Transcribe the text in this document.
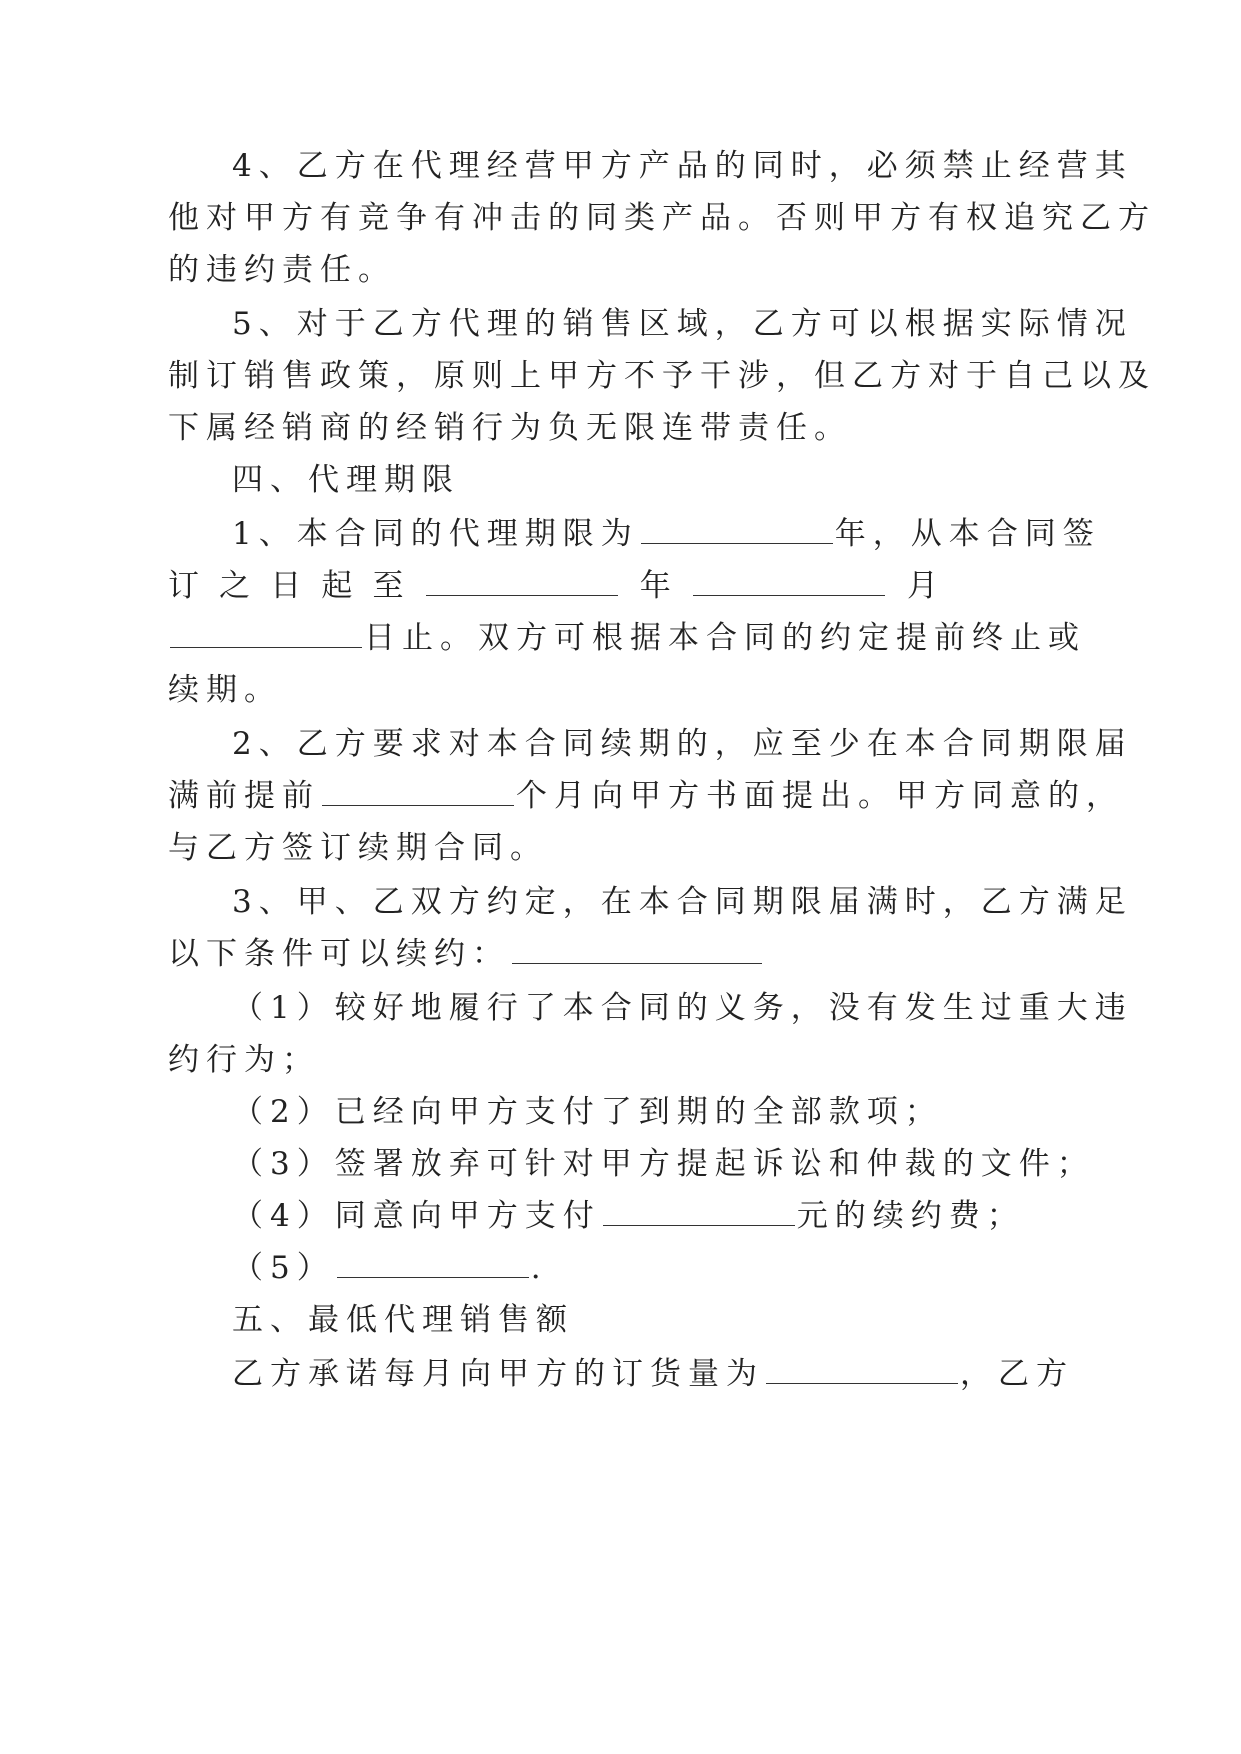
4、乙方在代理经营甲方产品的同时，必须禁止经营其
他对甲方有竞争有冲击的同类产品。否则甲方有权追究乙方
的违约责任。
5、对于乙方代理的销售区域，乙方可以根据实际情况
制订销售政策，原则上甲方不予干涉，但乙方对于自己以及
下属经销商的经销行为负无限连带责任。
四、代理期限
1、本合同的代理期限为	年，从本合同签
订 之 日 起 至	年	月
日止。双方可根据本合同的约定提前终止或
续期。
2、乙方要求对本合同续期的，应至少在本合同期限届
满前提前	个月向甲方书面提出。甲方同意的，
与乙方签订续期合同。
3、甲、乙双方约定，在本合同期限届满时，乙方满足
以下条件可以续约：
（1）较好地履行了本合同的义务，没有发生过重大违
约行为；
（2）已经向甲方支付了到期的全部款项；
（3）签署放弃可针对甲方提起诉讼和仲裁的文件；
（4）同意向甲方支付	元的续约费；
（5）	.
五、最低代理销售额
乙方承诺每月向甲方的订货量为	，乙方
